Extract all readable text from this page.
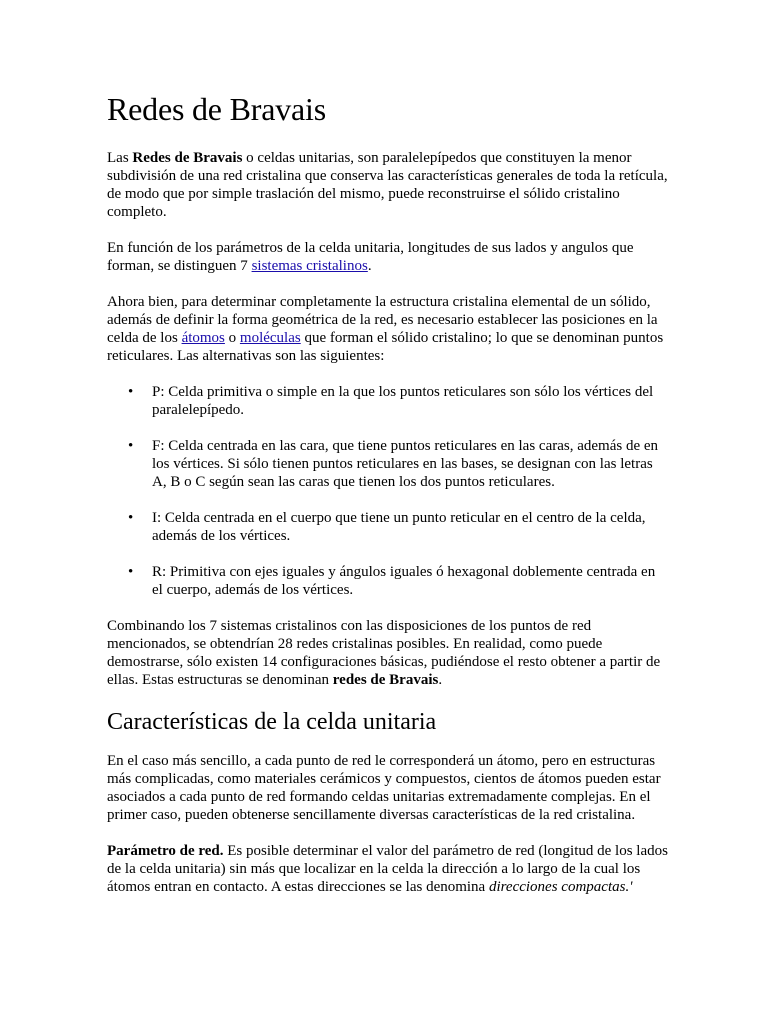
Redes de Bravais

Las Redes de Bravais o celdas unitarias, son paralelepípedos que constituyen la menor subdivisión de una red cristalina que conserva las características generales de toda la retícula, de modo que por simple traslación del mismo, puede reconstruirse el sólido cristalino completo.

En función de los parámetros de la celda unitaria, longitudes de sus lados y angulos que forman, se distinguen 7 sistemas cristalinos.

Ahora bien, para determinar completamente la estructura cristalina elemental de un sólido, además de definir la forma geométrica de la red, es necesario establecer las posiciones en la celda de los átomos o moléculas que forman el sólido cristalino; lo que se denominan puntos reticulares. Las alternativas son las siguientes:

• P: Celda primitiva o simple en la que los puntos reticulares son sólo los vértices del paralelepípedo.
• F: Celda centrada en las cara, que tiene puntos reticulares en las caras, además de en los vértices. Si sólo tienen puntos reticulares en las bases, se designan con las letras A, B o C según sean las caras que tienen los dos puntos reticulares.
• I: Celda centrada en el cuerpo que tiene un punto reticular en el centro de la celda, además de los vértices.
• R: Primitiva con ejes iguales y ángulos iguales ó hexagonal doblemente centrada en el cuerpo, además de los vértices.

Combinando los 7 sistemas cristalinos con las disposiciones de los puntos de red mencionados, se obtendrían 28 redes cristalinas posibles. En realidad, como puede demostrarse, sólo existen 14 configuraciones básicas, pudiéndose el resto obtener a partir de ellas. Estas estructuras se denominan redes de Bravais.

Características de la celda unitaria

En el caso más sencillo, a cada punto de red le corresponderá un átomo, pero en estructuras más complicadas, como materiales cerámicos y compuestos, cientos de átomos pueden estar asociados a cada punto de red formando celdas unitarias extremadamente complejas. En el primer caso, pueden obtenerse sencillamente diversas características de la red cristalina.

Parámetro de red. Es posible determinar el valor del parámetro de red (longitud de los lados de la celda unitaria) sin más que localizar en la celda la dirección a lo largo de la cual los átomos entran en contacto. A estas direcciones se las denomina direcciones compactas.'
